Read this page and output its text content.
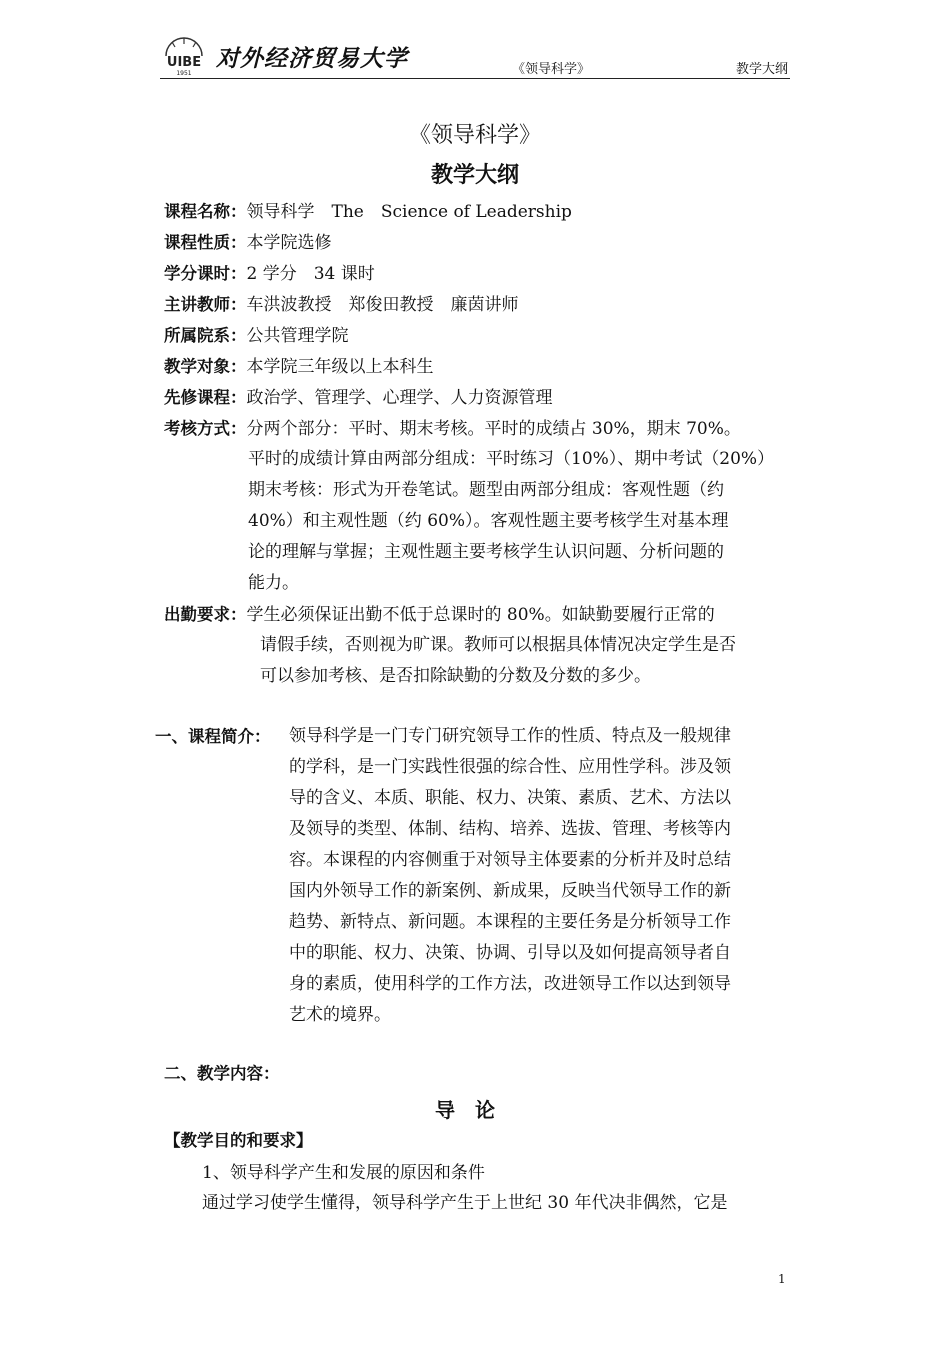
UIBE
1951
对外经济贸易大学	《领导科学》	教学大纲
《领导科学》
教学大纲
课程名称：领导科学　The　Science of Leadership
课程性质：本学院选修
学分课时：2 学分　34 课时
主讲教师：车洪波教授　郑俊田教授　廉茵讲师
所属院系：公共管理学院
教学对象：本学院三年级以上本科生
先修课程：政治学、管理学、心理学、人力资源管理
考核方式：分两个部分：平时、期末考核。平时的成绩占 30%，期末 70%。
平时的成绩计算由两部分组成：平时练习（10%）、期中考试（20%）
期末考核：形式为开卷笔试。题型由两部分组成：客观性题（约
40%）和主观性题（约 60%）。客观性题主要考核学生对基本理
论的理解与掌握；主观性题主要考核学生认识问题、分析问题的
能力。
出勤要求：学生必须保证出勤不低于总课时的 80%。如缺勤要履行正常的
请假手续，否则视为旷课。教师可以根据具体情况决定学生是否
可以参加考核、是否扣除缺勤的分数及分数的多少。
一、课程简介： 领导科学是一门专门研究领导工作的性质、特点及一般规律
的学科，是一门实践性很强的综合性、应用性学科。涉及领
导的含义、本质、职能、权力、决策、素质、艺术、方法以
及领导的类型、体制、结构、培养、选拔、管理、考核等内
容。本课程的内容侧重于对领导主体要素的分析并及时总结
国内外领导工作的新案例、新成果，反映当代领导工作的新
趋势、新特点、新问题。本课程的主要任务是分析领导工作
中的职能、权力、决策、协调、引导以及如何提高领导者自
身的素质，使用科学的工作方法，改进领导工作以达到领导
艺术的境界。
二、教学内容：
导论
【教学目的和要求】
1、领导科学产生和发展的原因和条件
通过学习使学生懂得，领导科学产生于上世纪 30 年代决非偶然，它是
1
